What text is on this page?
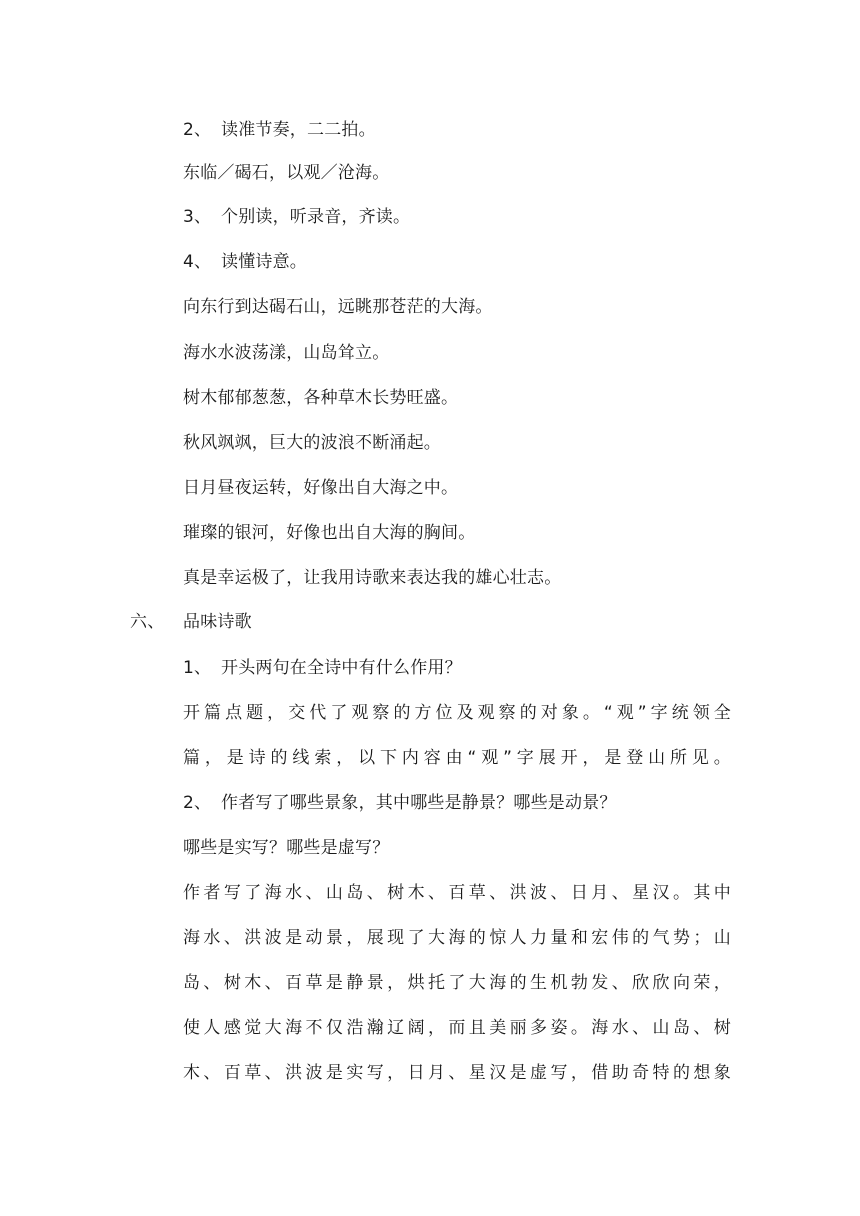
2、 读准节奏，二二拍。
东临／碣石，以观／沧海。
3、 个别读，听录音，齐读。
4、 读懂诗意。
向东行到达碣石山，远眺那苍茫的大海。
海水水波荡漾，山岛耸立。
树木郁郁葱葱，各种草木长势旺盛。
秋风飒飒，巨大的波浪不断涌起。
日月昼夜运转，好像出自大海之中。
璀璨的银河，好像也出自大海的胸间。
真是幸运极了，让我用诗歌来表达我的雄心壮志。
六、 品味诗歌
1、 开头两句在全诗中有什么作用？
开篇点题，交代了观察的方位及观察的对象。“观”字统领全
篇，是诗的线索，以下内容由“观”字展开，是登山所见。
2、 作者写了哪些景象，其中哪些是静景？哪些是动景？
哪些是实写？哪些是虚写？
作者写了海水、山岛、树木、百草、洪波、日月、星汉。其中
海水、洪波是动景，展现了大海的惊人力量和宏伟的气势；山
岛、树木、百草是静景，烘托了大海的生机勃发、欣欣向荣，
使人感觉大海不仅浩瀚辽阔，而且美丽多姿。海水、山岛、树
木、百草、洪波是实写，日月、星汉是虚写，借助奇特的想象
